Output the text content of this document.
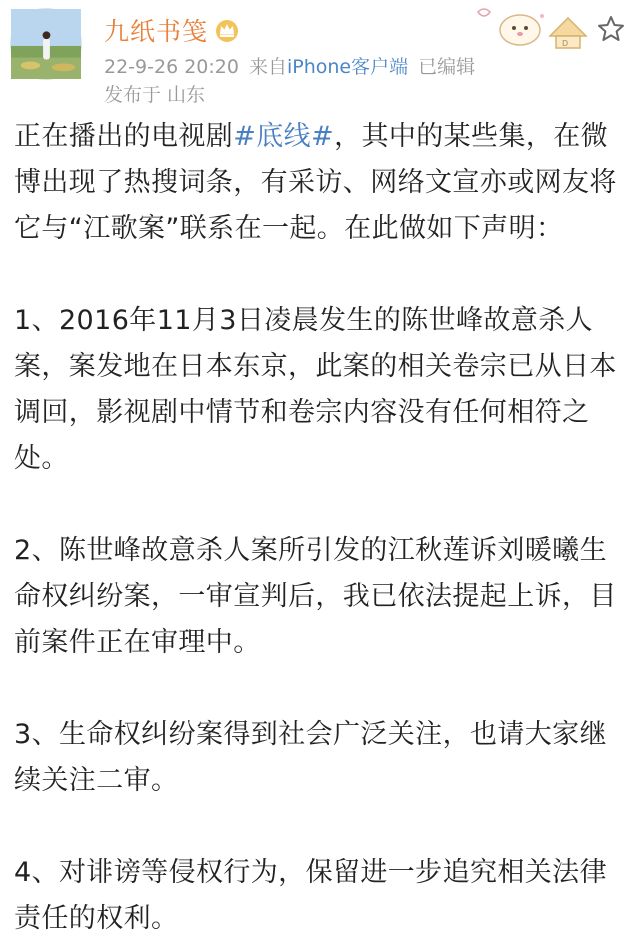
九纸书笺
22-9-26 20:20 来自iPhone客户端 已编辑
发布于 山东
D

正在播出的电视剧#底线#，其中的某些集，在微博出现了热搜词条，有采访、网络文宣亦或网友将它与“江歌案”联系在一起。在此做如下声明：

1、2016年11月3日凌晨发生的陈世峰故意杀人案，案发地在日本东京，此案的相关卷宗已从日本调回，影视剧中情节和卷宗内容没有任何相符之处。

2、陈世峰故意杀人案所引发的江秋莲诉刘暖曦生命权纠纷案，一审宣判后，我已依法提起上诉，目前案件正在审理中。

3、生命权纠纷案得到社会广泛关注，也请大家继续关注二审。

4、对诽谤等侵权行为，保留进一步追究相关法律责任的权利。
